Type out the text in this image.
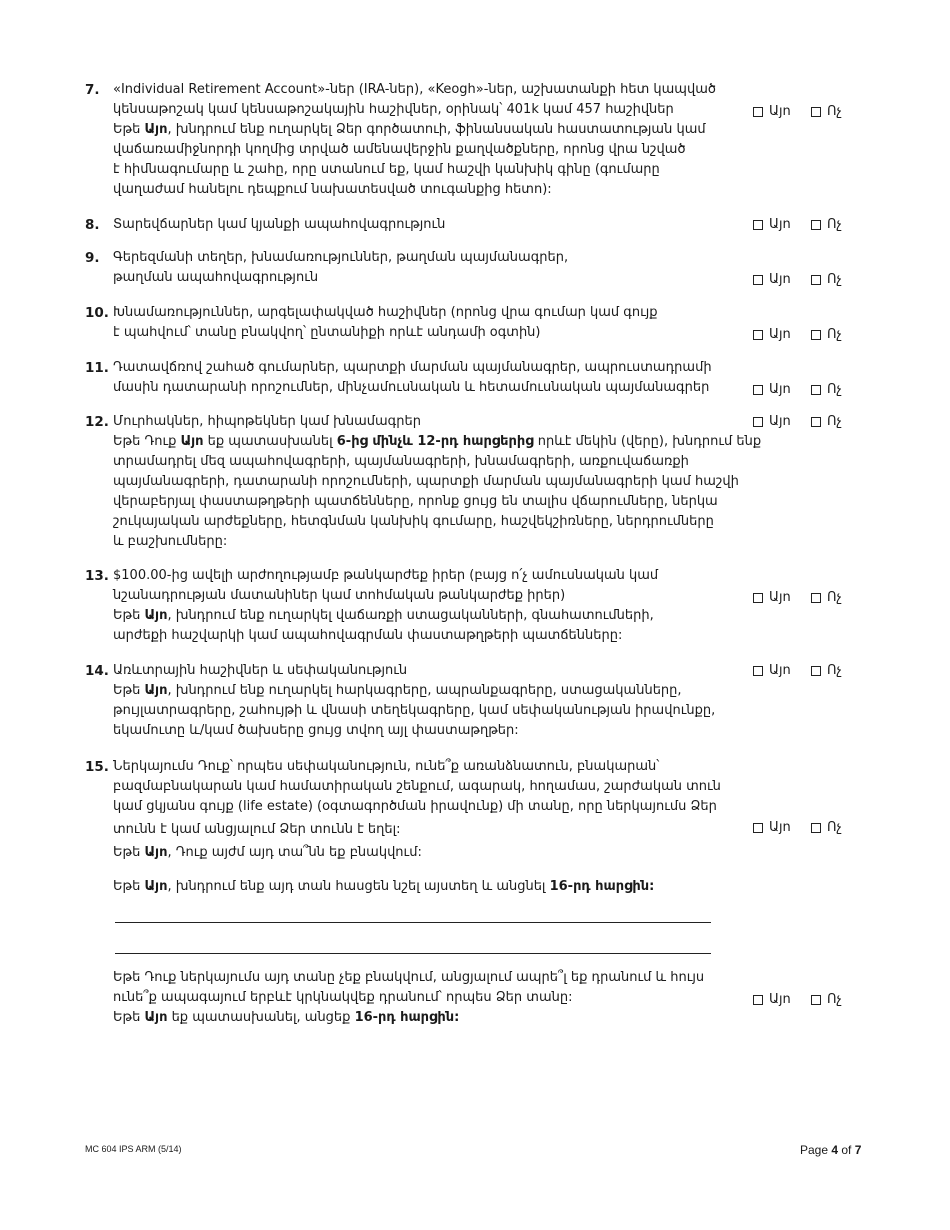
7. «Individual Retirement Account»-ներ (IRA-ներ), «Keogh»-ներ, աշխատանքի հետ կապված
կենսաթոշակ կամ կենսաթոշակային հաշիվներ, օրինակ՝ 401k կամ 457 հաշիվներ
Եթե Այո, խնդրում ենք ուղարկել Ձեր գործատուի, ֆինանսական հաստատության կամ
վաճառամիջնորդի կողմից տրված ամենավերջին քաղվածքները, որոնց վրա նշված
է հիմնագումարը և շահը, որը ստանում եք, կամ հաշվի կանխիկ գինը (գումարը
վաղաժամ հանելու դեպքում նախատեսված տուգանքից հետո):
Այո	Ոչ
8. Տարեվճարներ կամ կյանքի ապահովագրություն	Այո	Ոչ
9. Գերեզմանի տեղեր, խնամառություններ, թաղման պայմանագրեր,
թաղման ապահովագրություն	Այո	Ոչ
10. Խնամառություններ, արգելափակված հաշիվներ (որոնց վրա գումար կամ գույք
է պահվում՝ տանը բնակվող՝ ընտանիքի որևէ անդամի օգտին)	Այո	Ոչ
11. Դատավճռով շահած գումարներ, պարտքի մարման պայմանագրեր, ապրուստադրամի
մասին դատարանի որոշումներ, մինչամուսնական և հետամուսնական պայմանագրեր	Այո	Ոչ
12. Մուրհակներ, հիպոթեկներ կամ խնամագրեր
Եթե Դուք Այո եք պատասխանել 6-ից մինչև 12-րդ հարցերից որևէ մեկին (վերը), խնդրում ենք
տրամադրել մեզ ապահովագրերի, պայմանագրերի, խնամագրերի, առքուվաճառքի
պայմանագրերի, դատարանի որոշումների, պարտքի մարման պայմանագրերի կամ հաշվի
վերաբերյալ փաստաթղթերի պատճենները, որոնք ցույց են տալիս վճարումները, ներկա
շուկայական արժեքները, հետգնման կանխիկ գումարը, հաշվեկշիռները, ներդրումները
և բաշխումները:
Այո	Ոչ
13. $100.00-ից ավելի արժողությամբ թանկարժեք իրեր (բայց ո՛չ ամուսնական կամ
նշանադրության մատանիներ կամ տոհմական թանկարժեք իրեր)
Եթե Այո, խնդրում ենք ուղարկել վաճառքի ստացականների, գնահատումների,
արժեքի հաշվարկի կամ ապահովագրման փաստաթղթերի պատճենները:
Այո	Ոչ
14. Առևտրային հաշիվներ և սեփականություն
Եթե Այո, խնդրում ենք ուղարկել հարկագրերը, ապրանքագրերը, ստացականները,
թույլատրագրերը, շահույթի և վնասի տեղեկագրերը, կամ սեփականության իրավունքը,
եկամուտը և/կամ ծախսերը ցույց տվող այլ փաստաթղթեր:
Այո	Ոչ
15. Ներկայումս Դուք՝ որպես սեփականություն, ունե՞ք առանձնատուն, բնակարան՝
բազմաբնակարան կամ համատիրական շենքում, ագարակ, հողամաս, շարժական տուն
կամ ցկյանս գույք (life estate) (օգտագործման իրավունք) մի տանը, որը ներկայումս Ձեր
տունն է կամ անցյալում Ձեր տունն է եղել:
Եթե Այո, Դուք այժմ այդ տա՞նն եք բնակվում:
Եթե Այո, խնդրում ենք այդ տան հասցեն նշել այստեղ և անցնել 16-րդ հարցին:
Այո	Ոչ
Եթե Դուք ներկայումս այդ տանը չեք բնակվում, անցյալում ապրե՞լ եք դրանում և հույս
ունե՞ք ապագայում երբևէ կրկնակվեք դրանում՝ որպես Ձեր տանը:
Եթե Այո եք պատասխանել, անցեք 16-րդ հարցին:
Այո	Ոչ
MC 604 IPS ARM (5/14)	Page 4 of 7
